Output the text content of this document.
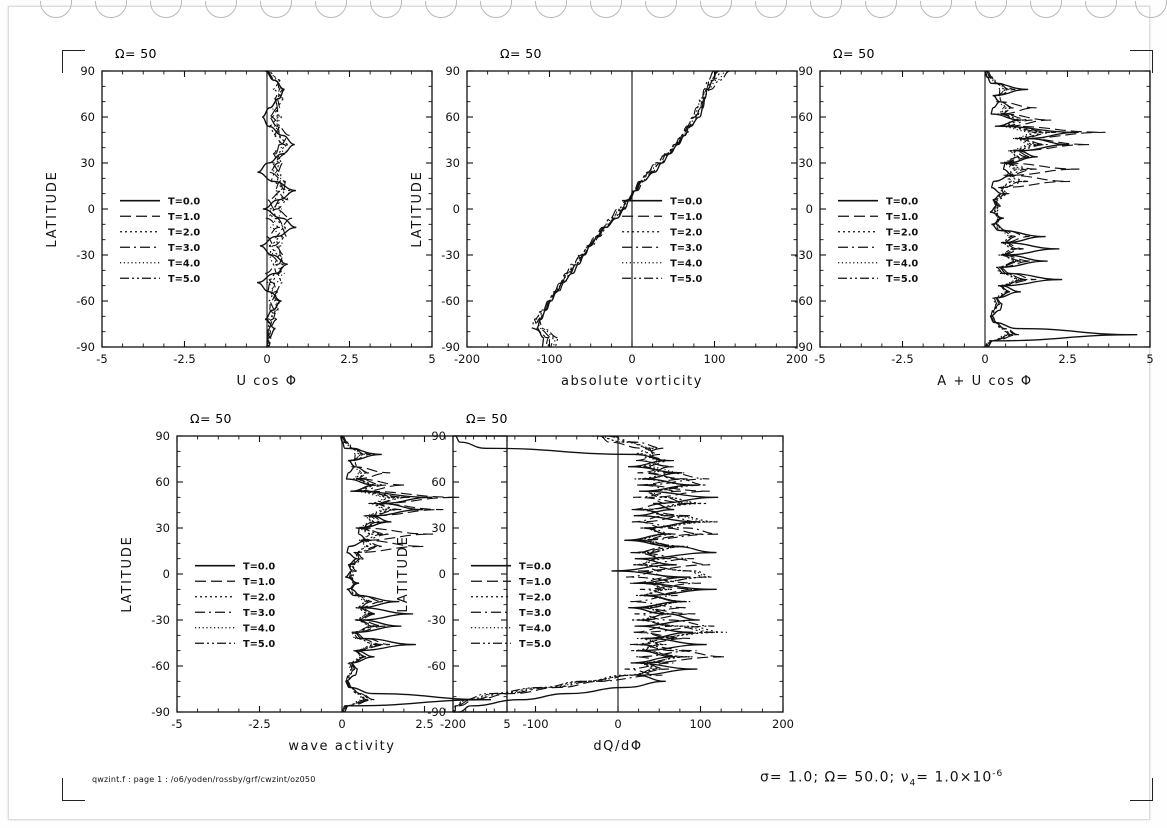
Ω= 50
-5	-2.5	0	2.5	5
90
60
30
0
-30
-60
-90
U cos Φ
LATITUDE	T=0.0
T=1.0
T=2.0
T=3.0
T=4.0
T=5.0
Ω= 50
-200	-100	0	100	200
90
60
30
0
-30
-60
-90
absolute vorticity
LATITUDE	T=0.0
T=1.0
T=2.0
T=3.0
T=4.0
T=5.0
Ω= 50
-5	-2.5	0	2.5	5
90
60
30
0
-30
-60
-90
A + U cos Φ
T=0.0
T=1.0
T=2.0
T=3.0
T=4.0
T=5.0
Ω= 50
-5	-2.5	0	2.5	5
90
60
30
0
-30
-60
-90
wave activity
LATITUDE	T=0.0
T=1.0
T=2.0
T=3.0
T=4.0
T=5.0
Ω= 50
-200	-100	0	100	200
90
60
30
0
-30
-60
-90
dQ/dΦ
LATITUDE	T=0.0
T=1.0
T=2.0
T=3.0
T=4.0
T=5.0
qwzint.f : page 1 : /o6/yoden/rossby/grf/cwzint/oz050	σ= 1.0; Ω= 50.0; $\nu_4= 1.0\times 10^{-6}$
